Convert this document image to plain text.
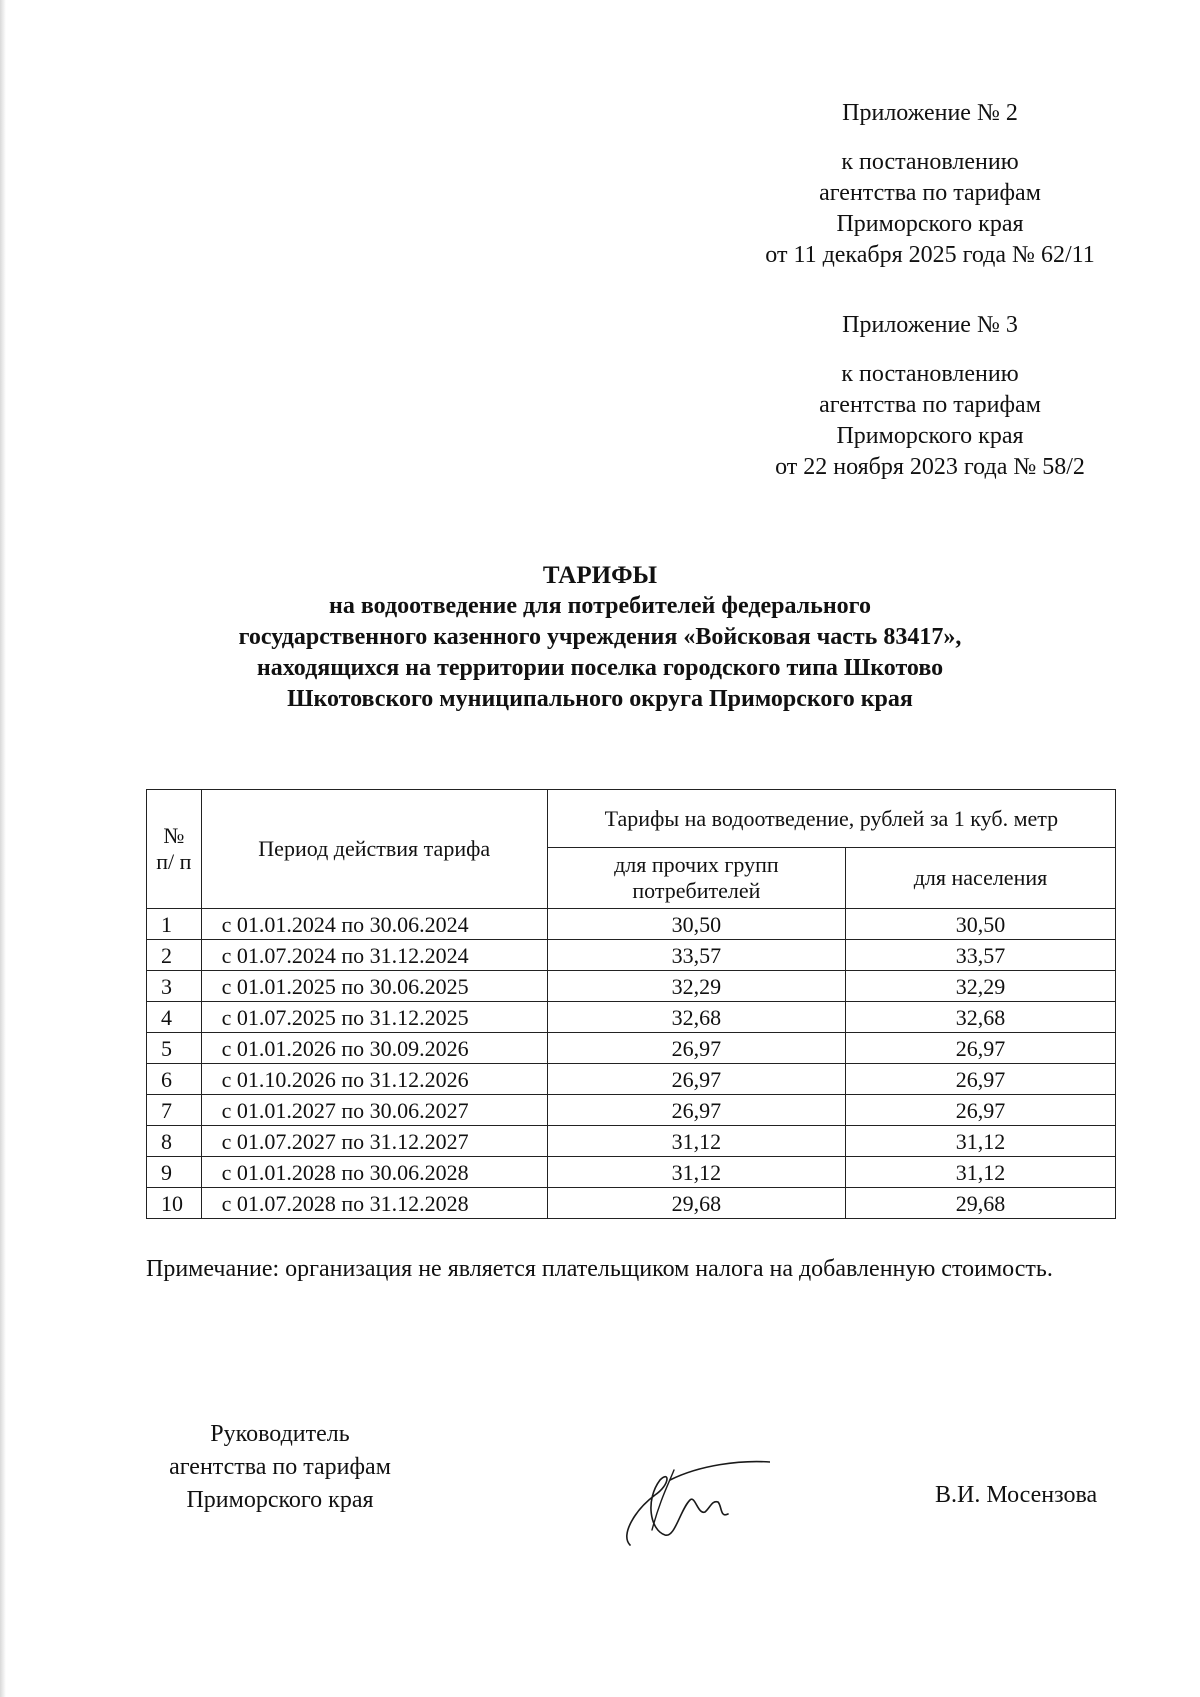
Приложение № 2
к постановлению
агентства по тарифам
Приморского края
от 11 декабря 2025 года № 62/11
Приложение № 3
к постановлению
агентства по тарифам
Приморского края
от 22 ноября 2023 года № 58/2
ТАРИФЫ
на водоотведение для потребителей федерального
государственного казенного учреждения «Войсковая часть 83417»,
находящихся на территории поселка городского типа Шкотово
Шкотовского муниципального округа Приморского края
№ п/ п	Период действия тарифа	Тарифы на водоотведение, рублей за 1 куб. метр	
		для прочих групп потребителей	для населения
1	с 01.01.2024 по 30.06.2024	30,50	30,50
2	с 01.07.2024 по 31.12.2024	33,57	33,57
3	с 01.01.2025 по 30.06.2025	32,29	32,29
4	с 01.07.2025 по 31.12.2025	32,68	32,68
5	с 01.01.2026 по 30.09.2026	26,97	26,97
6	с 01.10.2026 по 31.12.2026	26,97	26,97
7	с 01.01.2027 по 30.06.2027	26,97	26,97
8	с 01.07.2027 по 31.12.2027	31,12	31,12
9	с 01.01.2028 по 30.06.2028	31,12	31,12
10	с 01.07.2028 по 31.12.2028	29,68	29,68
Примечание: организация не является плательщиком налога на добавленную стоимость.
Руководитель
агентства по тарифам
Приморского края	В.И. Мосензова
